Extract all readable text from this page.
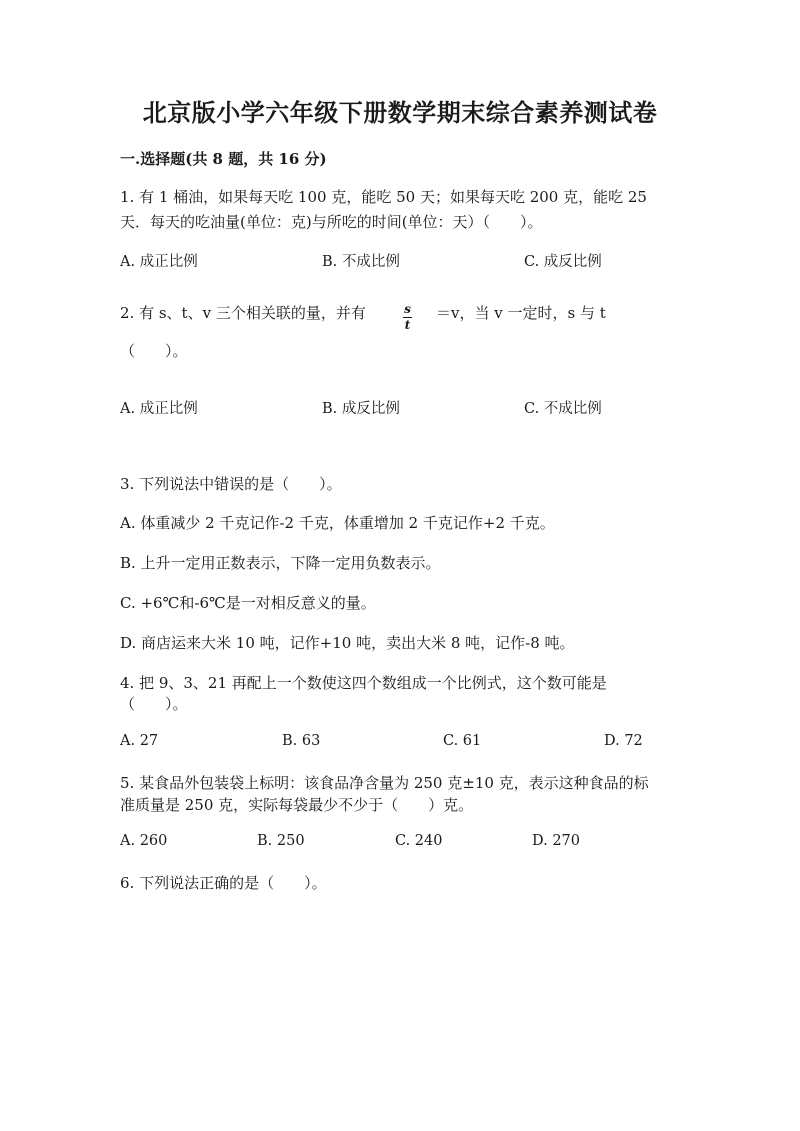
北京版小学六年级下册数学期末综合素养测试卷
一.选择题(共 8 题，共 16 分)
1. 有 1 桶油，如果每天吃 100 克，能吃 50 天；如果每天吃 200 克，能吃 25
天．每天的吃油量(单位：克)与所吃的时间(单位：天）（　　）。
A. 成正比例	B. 不成比例	C. 成反比例
2. 有 s、t、v 三个相关联的量，并有	$\frac{s}{t} =v$，当 v 一定时，s 与 t
（　　）。
A. 成正比例	B. 成反比例	C. 不成比例
3. 下列说法中错误的是（　　）。
A. 体重减少 2 千克记作-2 千克，体重增加 2 千克记作+2 千克。
B. 上升一定用正数表示，下降一定用负数表示。
C. +6℃和-6℃是一对相反意义的量。
D. 商店运来大米 10 吨，记作+10 吨，卖出大米 8 吨，记作-8 吨。
4. 把 9、3、21 再配上一个数使这四个数组成一个比例式，这个数可能是
（　　）。
A. 27	B. 63	C. 61	D. 72
5. 某食品外包装袋上标明：该食品净含量为 250 克±10 克，表示这种食品的标
准质量是 250 克，实际每袋最少不少于（　　）克。
A. 260	B. 250	C. 240	D. 270
6. 下列说法正确的是（　　）。
